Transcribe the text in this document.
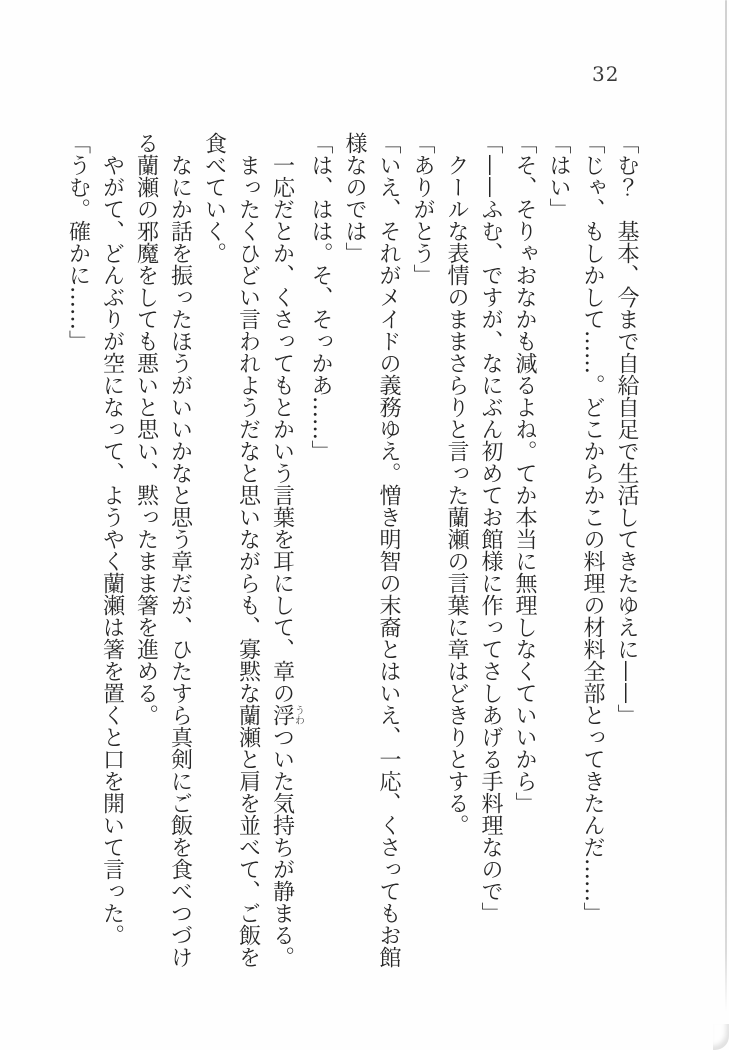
32
「む？　基本、今まで自給自足で生活してきたゆえに——」
「じゃ、もしかして……。どこからかこの料理の材料全部とってきたんだ……」
「はい」
「そ、そりゃおなかも減るよね。てか本当に無理しなくていいから」
「——ふむ、ですが、なにぶん初めてお館様に作ってさしあげる手料理なので」
クールな表情のままさらりと言った蘭瀬の言葉に章はどきりとする。
「ありがとう」
「いえ、それがメイドの義務ゆえ。憎き明智の末裔とはいえ、一応、くさってもお館
様なのでは」
「は、はは。そ、そっかあ……」
一応だとか、くさってもとかいう言葉を耳にして、章の浮うわついた気持ちが静まる。
まったくひどい言われようだなと思いながらも、寡黙な蘭瀬と肩を並べて、ご飯を
食べていく。
なにか話を振ったほうがいいかなと思う章だが、ひたすら真剣にご飯を食べつづけ
る蘭瀬の邪魔をしても悪いと思い、黙ったまま箸を進める。
やがて、どんぶりが空になって、ようやく蘭瀬は箸を置くと口を開いて言った。
「うむ。確かに……」
